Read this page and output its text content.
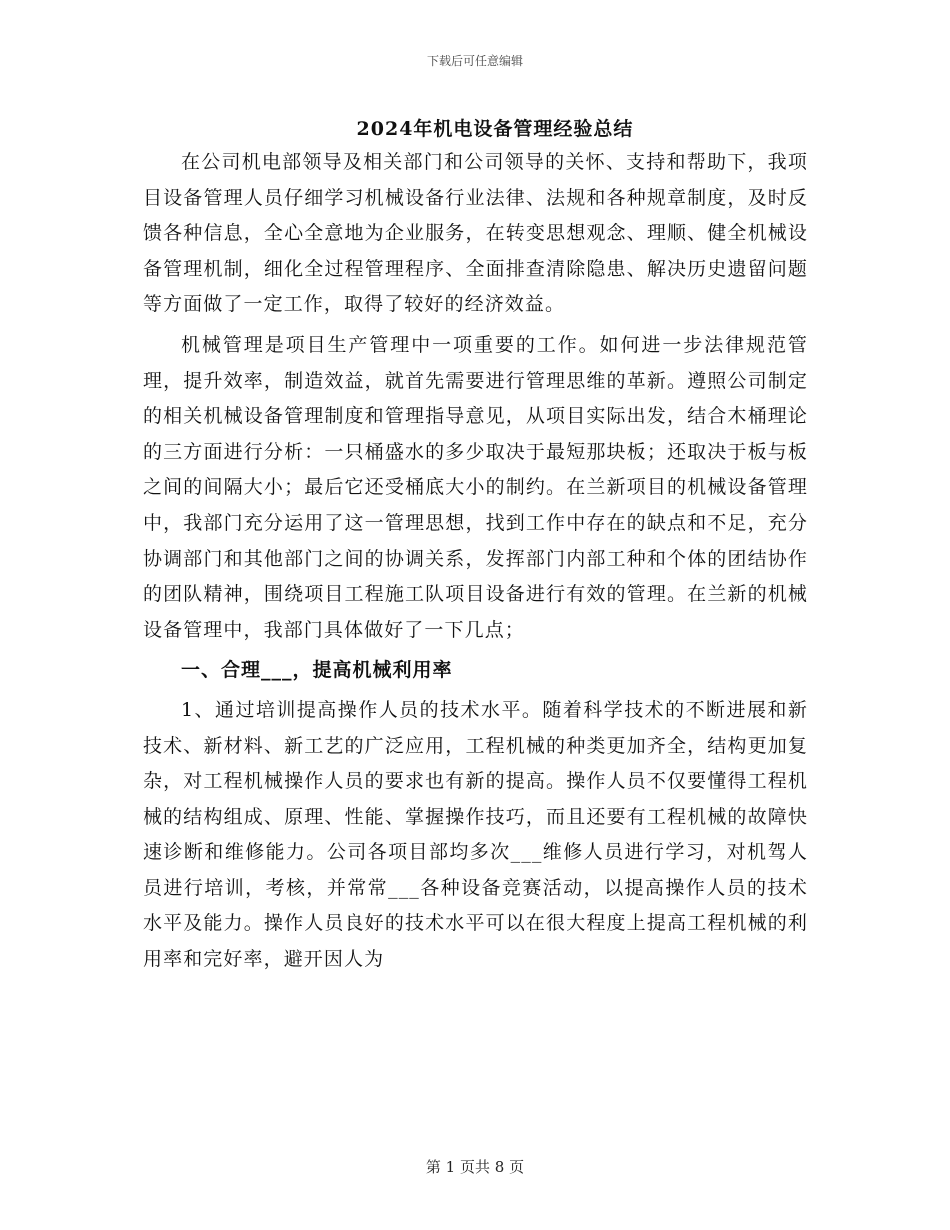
下载后可任意编辑
2024年机电设备管理经验总结

在公司机电部领导及相关部门和公司领导的关怀、支持和帮助下，我项目设备管理人员仔细学习机械设备行业法律、法规和各种规章制度，及时反馈各种信息，全心全意地为企业服务，在转变思想观念、理顺、健全机械设备管理机制，细化全过程管理程序、全面排查清除隐患、解决历史遗留问题等方面做了一定工作，取得了较好的经济效益。

机械管理是项目生产管理中一项重要的工作。如何进一步法律规范管理，提升效率，制造效益，就首先需要进行管理思维的革新。遵照公司制定的相关机械设备管理制度和管理指导意见，从项目实际出发，结合木桶理论的三方面进行分析：一只桶盛水的多少取决于最短那块板；还取决于板与板之间的间隔大小；最后它还受桶底大小的制约。在兰新项目的机械设备管理中，我部门充分运用了这一管理思想，找到工作中存在的缺点和不足，充分协调部门和其他部门之间的协调关系，发挥部门内部工种和个体的团结协作的团队精神，围绕项目工程施工队项目设备进行有效的管理。在兰新的机械设备管理中，我部门具体做好了一下几点；

一、合理___，提高机械利用率

1、通过培训提高操作人员的技术水平。随着科学技术的不断进展和新技术、新材料、新工艺的广泛应用，工程机械的种类更加齐全，结构更加复杂，对工程机械操作人员的要求也有新的提高。操作人员不仅要懂得工程机械的结构组成、原理、性能、掌握操作技巧，而且还要有工程机械的故障快速诊断和维修能力。公司各项目部均多次___维修人员进行学习，对机驾人员进行培训，考核，并常常___各种设备竞赛活动，以提高操作人员的技术水平及能力。操作人员良好的技术水平可以在很大程度上提高工程机械的利用率和完好率，避开因人为

第 1 页共 8 页
